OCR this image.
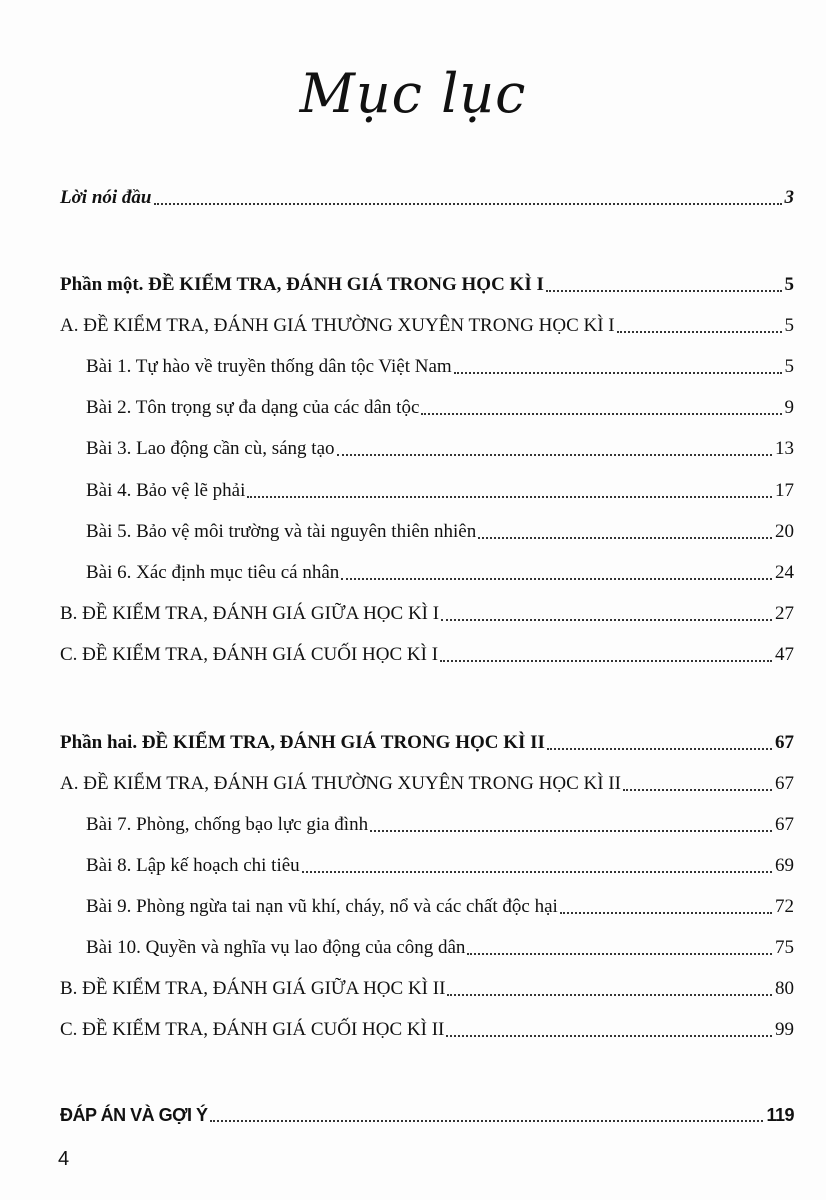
Mục lục
Lời nói đầu	3
Phần một. ĐỀ KIỂM TRA, ĐÁNH GIÁ TRONG HỌC KÌ I	5
A. ĐỀ KIỂM TRA, ĐÁNH GIÁ THƯỜNG XUYÊN TRONG HỌC KÌ I	5
Bài 1. Tự hào về truyền thống dân tộc Việt Nam	5
Bài 2. Tôn trọng sự đa dạng của các dân tộc	9
Bài 3. Lao động cần cù, sáng tạo	13
Bài 4. Bảo vệ lẽ phải	17
Bài 5. Bảo vệ môi trường và tài nguyên thiên nhiên	20
Bài 6. Xác định mục tiêu cá nhân	24
B. ĐỀ KIỂM TRA, ĐÁNH GIÁ GIỮA HỌC KÌ I	27
C. ĐỀ KIỂM TRA, ĐÁNH GIÁ CUỐI HỌC KÌ I	47
Phần hai. ĐỀ KIỂM TRA, ĐÁNH GIÁ TRONG HỌC KÌ II	67
A. ĐỀ KIỂM TRA, ĐÁNH GIÁ THƯỜNG XUYÊN TRONG HỌC KÌ II	67
Bài 7. Phòng, chống bạo lực gia đình	67
Bài 8. Lập kế hoạch chi tiêu	69
Bài 9. Phòng ngừa tai nạn vũ khí, cháy, nổ và các chất độc hại	72
Bài 10. Quyền và nghĩa vụ lao động của công dân	75
B. ĐỀ KIỂM TRA, ĐÁNH GIÁ GIỮA HỌC KÌ II	80
C. ĐỀ KIỂM TRA, ĐÁNH GIÁ CUỐI HỌC KÌ II	99
ĐÁP ÁN VÀ GỢI Ý	119
4
